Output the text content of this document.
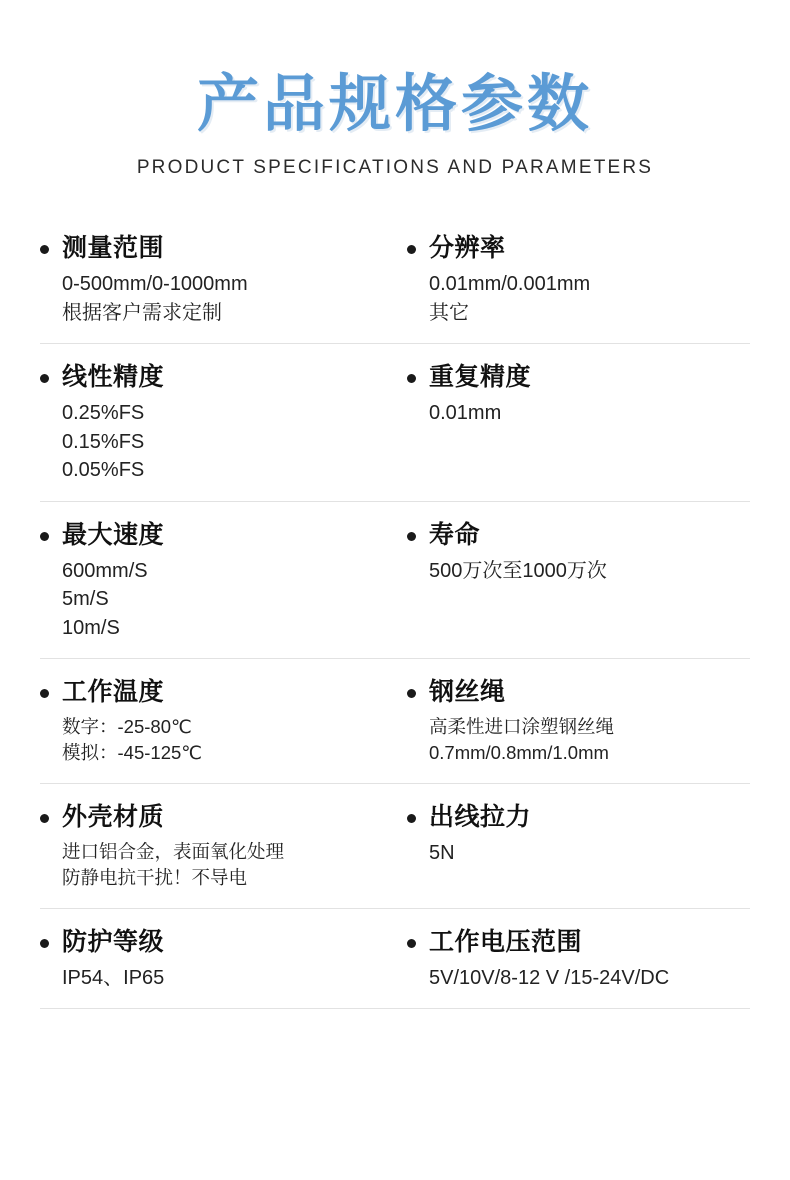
产品规格参数
PRODUCT SPECIFICATIONS AND PARAMETERS
测量范围
0-500mm/0-1000mm
根据客户需求定制
分辨率
0.01mm/0.001mm
其它
线性精度
0.25%FS
0.15%FS
0.05%FS
重复精度
0.01mm
最大速度
600mm/S
5m/S
10m/S
寿命
500万次至1000万次
工作温度
数字：-25-80℃
模拟：-45-125℃
钢丝绳
高柔性进口涂塑钢丝绳
0.7mm/0.8mm/1.0mm
外壳材质
进口铝合金，表面氧化处理
防静电抗干扰！不导电
出线拉力
5N
防护等级
IP54、IP65
工作电压范围
5V/10V/8-12 V /15-24V/DC
